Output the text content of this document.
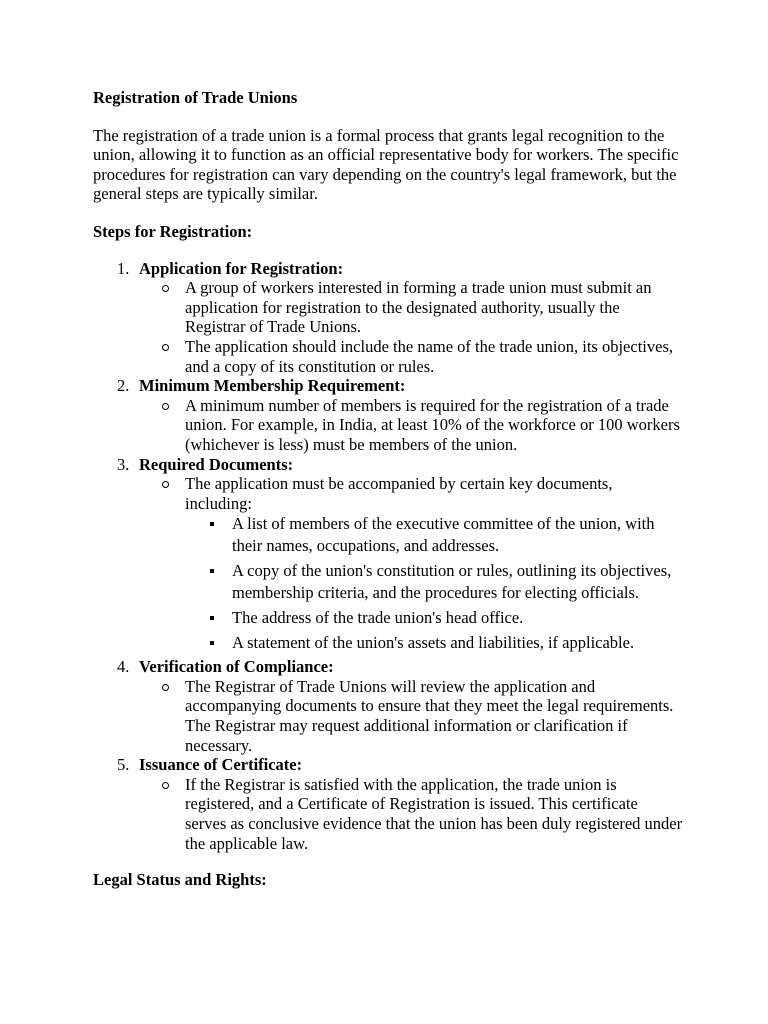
Registration of Trade Unions
The registration of a trade union is a formal process that grants legal recognition to the union, allowing it to function as an official representative body for workers. The specific procedures for registration can vary depending on the country's legal framework, but the general steps are typically similar.
Steps for Registration:
1. Application for Registration:
A group of workers interested in forming a trade union must submit an application for registration to the designated authority, usually the Registrar of Trade Unions.
The application should include the name of the trade union, its objectives, and a copy of its constitution or rules.
2. Minimum Membership Requirement:
A minimum number of members is required for the registration of a trade union. For example, in India, at least 10% of the workforce or 100 workers (whichever is less) must be members of the union.
3. Required Documents:
The application must be accompanied by certain key documents, including:
A list of members of the executive committee of the union, with their names, occupations, and addresses.
A copy of the union's constitution or rules, outlining its objectives, membership criteria, and the procedures for electing officials.
The address of the trade union's head office.
A statement of the union's assets and liabilities, if applicable.
4. Verification of Compliance:
The Registrar of Trade Unions will review the application and accompanying documents to ensure that they meet the legal requirements. The Registrar may request additional information or clarification if necessary.
5. Issuance of Certificate:
If the Registrar is satisfied with the application, the trade union is registered, and a Certificate of Registration is issued. This certificate serves as conclusive evidence that the union has been duly registered under the applicable law.
Legal Status and Rights:
